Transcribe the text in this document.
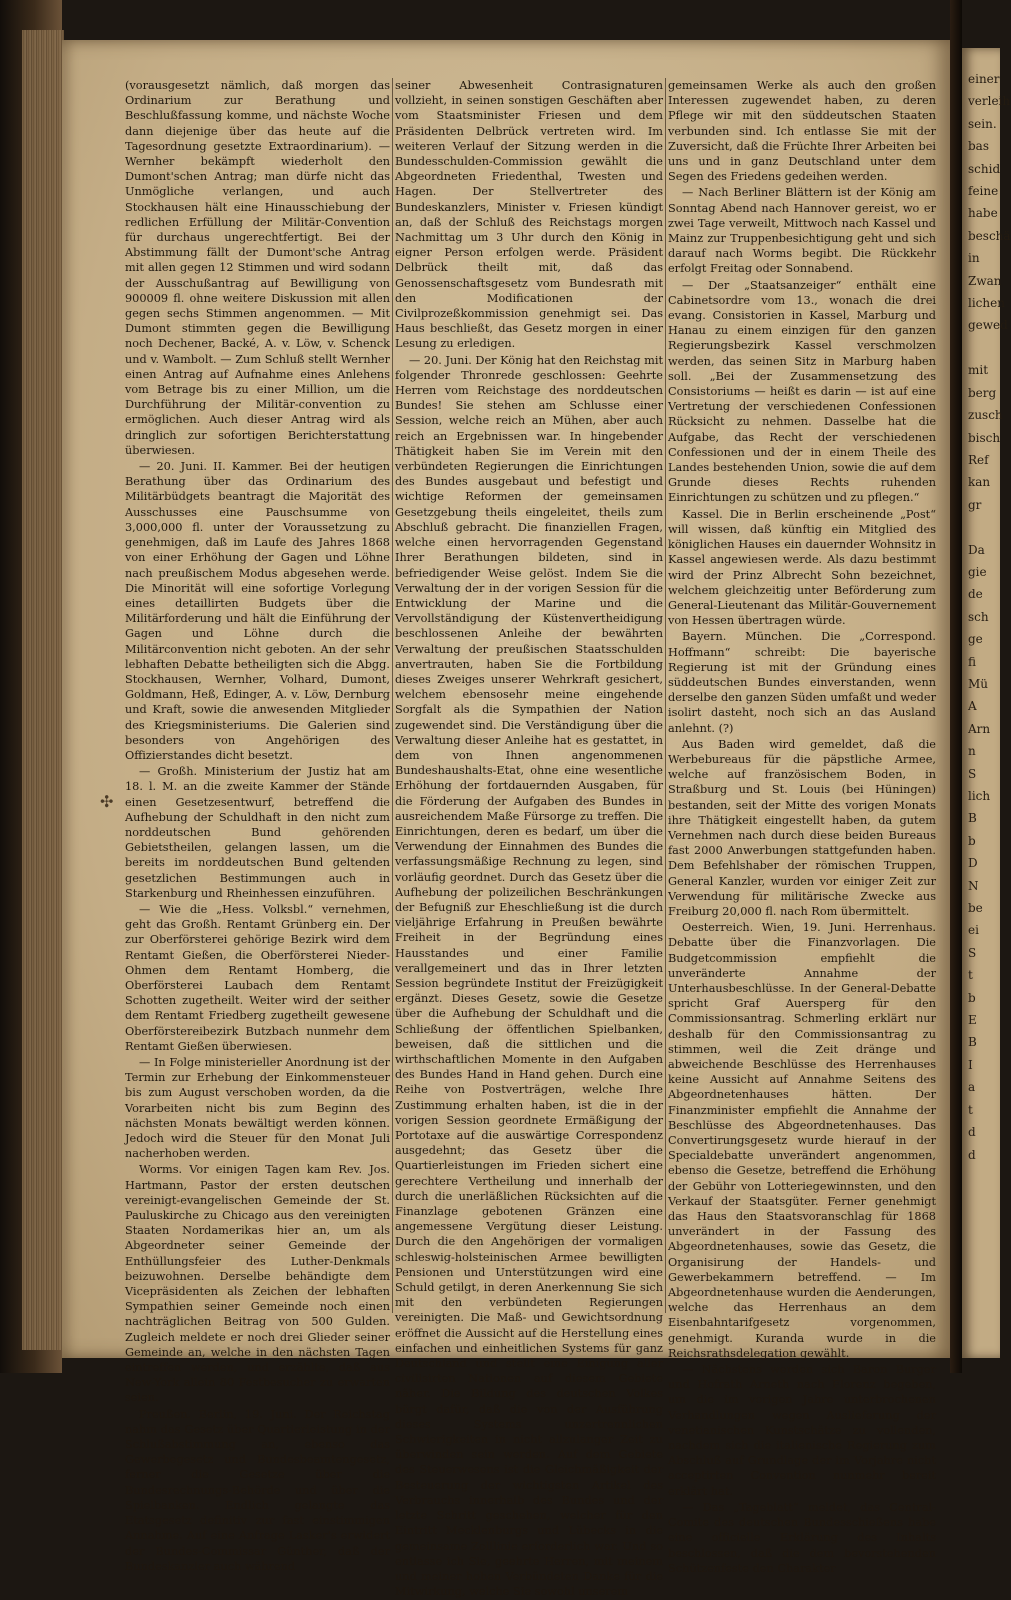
(vorausgesetzt nämlich, daß morgen das Ordinarium zur Berathung und Beschlußfassung komme, und nächste Woche dann diejenige über das heute auf die Tagesordnung gesetzte Extraordinarium). — Wernher bekämpft wiederholt den Dumont'schen Antrag; man dürfe nicht das Unmögliche verlangen, und auch Stockhausen hält eine Hinausschiebung der redlichen Erfüllung der Militär-Convention für durchaus ungerechtfertigt. Bei der Abstimmung fällt der Dumont'sche Antrag mit allen gegen 12 Stimmen und wird sodann der Ausschußantrag auf Bewilligung von 900009 fl. ohne weitere Diskussion mit allen gegen sechs Stimmen angenommen. — Mit Dumont stimmten gegen die Bewilligung noch Dechener, Backé, A. v. Löw, v. Schenck und v. Wambolt. — Zum Schluß stellt Wernher einen Antrag auf Aufnahme eines Anlehens vom Betrage bis zu einer Million, um die Durchführung der Militär-convention zu ermöglichen. Auch dieser Antrag wird als dringlich zur sofortigen Berichterstattung überwiesen.

— 20. Juni. II. Kammer. Bei der heutigen Berathung über das Ordinarium des Militärbüdgets beantragt die Majorität des Ausschusses eine Pauschsumme von 3,000,000 fl. unter der Voraussetzung zu genehmigen, daß im Laufe des Jahres 1868 von einer Erhöhung der Gagen und Löhne nach preußischem Modus abgesehen werde. Die Minorität will eine sofortige Vorlegung eines detaillirten Budgets über die Militärforderung und hält die Einführung der Gagen und Löhne durch die Militärconvention nicht geboten. An der sehr lebhaften Debatte betheiligten sich die Abgg. Stockhausen, Wernher, Volhard, Dumont, Goldmann, Heß, Edinger, A. v. Löw, Dernburg und Kraft, sowie die anwesenden Mitglieder des Kriegsministeriums. Die Galerien sind besonders von Angehörigen des Offizierstandes dicht besetzt.

— Großh. Ministerium der Justiz hat am 18. l. M. an die zweite Kammer der Stände einen Gesetzesentwurf, betreffend die Aufhebung der Schuldhaft in den nicht zum norddeutschen Bund gehörenden Gebietstheilen, gelangen lassen, um die bereits im norddeutschen Bund geltenden gesetzlichen Bestimmungen auch in Starkenburg und Rheinhessen einzuführen.

— Wie die „Hess. Volksbl.“ vernehmen, geht das Großh. Rentamt Grünberg ein. Der zur Oberförsterei gehörige Bezirk wird dem Rentamt Gießen, die Oberförsterei Nieder-Ohmen dem Rentamt Homberg, die Oberförsterei Laubach dem Rentamt Schotten zugetheilt. Weiter wird der seither dem Rentamt Friedberg zugetheilt gewesene Oberförstereibezirk Butzbach nunmehr dem Rentamt Gießen überwiesen.

— In Folge ministerieller Anordnung ist der Termin zur Erhebung der Einkommensteuer bis zum August verschoben worden, da die Vorarbeiten nicht bis zum Beginn des nächsten Monats bewältigt werden können. Jedoch wird die Steuer für den Monat Juli nacherhoben werden.

Worms. Vor einigen Tagen kam Rev. Jos. Hartmann, Pastor der ersten deutschen vereinigt-evangelischen Gemeinde der St. Pauluskirche zu Chicago aus den vereinigten Staaten Nordamerikas hier an, um als Abgeordneter seiner Gemeinde der Enthüllungsfeier des Luther-Denkmals beizuwohnen. Derselbe behändigte dem Vicepräsidenten als Zeichen der lebhaften Sympathien seiner Gemeinde noch einen nachträglichen Beitrag von 500 Gulden. Zugleich meldete er noch drei Glieder seiner Gemeinde an, welche in den nächsten Tagen eintreffen werden, und erzählte, daß aus New-York allein 80 Festbesucher zu erwarten seien.

Preußen. Berlin, 19. Juni. Der Reichstag nahm das Gesetz über Quartierleistung in der Schlußabstimmung an, ebenso das Gewerbegesetz und Bundesbeamtengesetz, ferner die Gesetze über die Bundesrechnungs-Behörde und über die Spielbanken. Endlich gelangte das Etatsgesetz definitiv zur fast einstimmigen Annahme. Auf eine Anfrage Lasker's erwidert der Bundes-Commissar Günther, daß der Bundeskanzler auch während

seiner Abwesenheit Contrasignaturen vollzieht, in seinen sonstigen Geschäften aber vom Staatsminister Friesen und dem Präsidenten Delbrück vertreten wird. Im weiteren Verlauf der Sitzung werden in die Bundesschulden-Commission gewählt die Abgeordneten Friedenthal, Twesten und Hagen. Der Stellvertreter des Bundeskanzlers, Minister v. Friesen kündigt an, daß der Schluß des Reichstags morgen Nachmittag um 3 Uhr durch den König in eigner Person erfolgen werde. Präsident Delbrück theilt mit, daß das Genossenschaftsgesetz vom Bundesrath mit den Modificationen der Civilprozeßkommission genehmigt sei. Das Haus beschließt, das Gesetz morgen in einer Lesung zu erledigen.

— 20. Juni. Der König hat den Reichstag mit folgender Thronrede geschlossen: Geehrte Herren vom Reichstage des norddeutschen Bundes! Sie stehen am Schlusse einer Session, welche reich an Mühen, aber auch reich an Ergebnissen war. In hingebender Thätigkeit haben Sie im Verein mit den verbündeten Regierungen die Einrichtungen des Bundes ausgebaut und befestigt und wichtige Reformen der gemeinsamen Gesetzgebung theils eingeleitet, theils zum Abschluß gebracht. Die finanziellen Fragen, welche einen hervorragenden Gegenstand Ihrer Berathungen bildeten, sind in befriedigender Weise gelöst. Indem Sie die Verwaltung der in der vorigen Session für die Entwicklung der Marine und die Vervollständigung der Küstenvertheidigung beschlossenen Anleihe der bewährten Verwaltung der preußischen Staatsschulden anvertrauten, haben Sie die Fortbildung dieses Zweiges unserer Wehrkraft gesichert, welchem ebensosehr meine eingehende Sorgfalt als die Sympathien der Nation zugewendet sind. Die Verständigung über die Verwaltung dieser Anleihe hat es gestattet, in dem von Ihnen angenommenen Bundeshaushalts-Etat, ohne eine wesentliche Erhöhung der fortdauernden Ausgaben, für die Förderung der Aufgaben des Bundes in ausreichendem Maße Fürsorge zu treffen. Die Einrichtungen, deren es bedarf, um über die Verwendung der Einnahmen des Bundes die verfassungsmäßige Rechnung zu legen, sind vorläufig geordnet. Durch das Gesetz über die Aufhebung der polizeilichen Beschränkungen der Befugniß zur Eheschließung ist die durch vieljährige Erfahrung in Preußen bewährte Freiheit in der Begründung eines Hausstandes und einer Familie verallgemeinert und das in Ihrer letzten Session begründete Institut der Freizügigkeit ergänzt. Dieses Gesetz, sowie die Gesetze über die Aufhebung der Schuldhaft und die Schließung der öffentlichen Spielbanken, beweisen, daß die sittlichen und die wirthschaftlichen Momente in den Aufgaben des Bundes Hand in Hand gehen. Durch eine Reihe von Postverträgen, welche Ihre Zustimmung erhalten haben, ist die in der vorigen Session geordnete Ermäßigung der Portotaxe auf die auswärtige Correspondenz ausgedehnt; das Gesetz über die Quartierleistungen im Frieden sichert eine gerechtere Vertheilung und innerhalb der durch die unerläßlichen Rücksichten auf die Finanzlage gebotenen Gränzen eine angemessene Vergütung dieser Leistung. Durch die den Angehörigen der vormaligen schleswig-holsteinischen Armee bewilligten Pensionen und Unterstützungen wird eine Schuld getilgt, in deren Anerkennung Sie sich mit den verbündeten Regierungen vereinigten. Die Maß- und Gewichtsordnung eröffnet die Aussicht auf die Herstellung eines einfachen und einheitlichen Systems für ganz Deutschland und stellt eine Einigung aller civilisirten Nationen auf diesem Gebiete näher. Die Bildung des deutschen Volkes bürgt dafür, daß die von der Ausführung dieses Systems unzertrennlichen Schwierigkeiten in nicht allzulanger Zeit zu überwinden sein werden. Auf dem Gebiete des Steuerwesens ist die Gleichmäßigkeit der Besteuerung der wichtigsten Artikel des Verbrauchs innerhalb des Bundes und der letzte Schritt geschehen, welcher für den Eintritt Mecklenburgs und Lübecks in die gemeinsame Zolllinie erforderlich war. Und so entlasse ich Sie, geehrte Herren, mit meinem und meiner hohen Verbündeten Danke für die Mitwirkung, welche Sie sowohl unserem

gemeinsamen Werke als auch den großen Interessen zugewendet haben, zu deren Pflege wir mit den süddeutschen Staaten verbunden sind. Ich entlasse Sie mit der Zuversicht, daß die Früchte Ihrer Arbeiten bei uns und in ganz Deutschland unter dem Segen des Friedens gedeihen werden.

— Nach Berliner Blättern ist der König am Sonntag Abend nach Hannover gereist, wo er zwei Tage verweilt, Mittwoch nach Kassel und Mainz zur Truppenbesichtigung geht und sich darauf nach Worms begibt. Die Rückkehr erfolgt Freitag oder Sonnabend.

— Der „Staatsanzeiger“ enthält eine Cabinetsordre vom 13., wonach die drei evang. Consistorien in Kassel, Marburg und Hanau zu einem einzigen für den ganzen Regierungsbezirk Kassel verschmolzen werden, das seinen Sitz in Marburg haben soll. „Bei der Zusammensetzung des Consistoriums — heißt es darin — ist auf eine Vertretung der verschiedenen Confessionen Rücksicht zu nehmen. Dasselbe hat die Aufgabe, das Recht der verschiedenen Confessionen und der in einem Theile des Landes bestehenden Union, sowie die auf dem Grunde dieses Rechts ruhenden Einrichtungen zu schützen und zu pflegen.“

Kassel. Die in Berlin erscheinende „Post“ will wissen, daß künftig ein Mitglied des königlichen Hauses ein dauernder Wohnsitz in Kassel angewiesen werde. Als dazu bestimmt wird der Prinz Albrecht Sohn bezeichnet, welchem gleichzeitig unter Beförderung zum General-Lieutenant das Militär-Gouvernement von Hessen übertragen würde.

Bayern. München. Die „Correspond. Hoffmann“ schreibt: Die bayerische Regierung ist mit der Gründung eines süddeutschen Bundes einverstanden, wenn derselbe den ganzen Süden umfaßt und weder isolirt dasteht, noch sich an das Ausland anlehnt. (?)

Aus Baden wird gemeldet, daß die Werbebureaus für die päpstliche Armee, welche auf französischem Boden, in Straßburg und St. Louis (bei Hüningen) bestanden, seit der Mitte des vorigen Monats ihre Thätigkeit eingestellt haben, da gutem Vernehmen nach durch diese beiden Bureaus fast 2000 Anwerbungen stattgefunden haben. Dem Befehlshaber der römischen Truppen, General Kanzler, wurden vor einiger Zeit zur Verwendung für militärische Zwecke aus Freiburg 20,000 fl. nach Rom übermittelt.

Oesterreich. Wien, 19. Juni. Herrenhaus. Debatte über die Finanzvorlagen. Die Budgetcommission empfiehlt die unveränderte Annahme der Unterhausbeschlüsse. In der General-Debatte spricht Graf Auersperg für den Commissionsantrag. Schmerling erklärt nur deshalb für den Commissionsantrag zu stimmen, weil die Zeit dränge und abweichende Beschlüsse des Herrenhauses keine Aussicht auf Annahme Seitens des Abgeordnetenhauses hätten. Der Finanzminister empfiehlt die Annahme der Beschlüsse des Abgeordnetenhauses. Das Convertirungsgesetz wurde hierauf in der Specialdebatte unverändert angenommen, ebenso die Gesetze, betreffend die Erhöhung der Gebühr von Lotteriegewinnsten, und den Verkauf der Staatsgüter. Ferner genehmigt das Haus den Staatsvoranschlag für 1868 unverändert in der Fassung des Abgeordnetenhauses, sowie das Gesetz, die Organisirung der Handels- und Gewerbekammern betreffend. — Im Abgeordnetenhause wurden die Aenderungen, welche das Herrenhaus an dem Eisenbahntarifgesetz vorgenommen, genehmigt. Kuranda wurde in die Reichsrathsdelegation gewählt.

— Nächstens werden sich Baron Burger und Hofrath Arneth nach Florenz begeben, um die im vorigen Jahre unterbrochenen Verhandlungen wegen Auslieferung der venetianischen Kunstschätze zu vollenden, nachdem sich die italienische Regierung zum Abschluß auf Grundlage der im Vorjahre nicht acceptirten Convention nunmehr bereit erklärt hat.

— Das „Tageblatt“ meldet, das Central-Comite des deutschen Bundesschießens habe eine officielle Erklärung des Inhalts beschlossen, daß die dem bevorstehenden Schützenfeste den Charakter

✣
einer
verleih
sein.
bas
schid
feine
habe
beschä
in
Zwan
lichen
gewed

mit
berg
zusch
bisch
Ref
kan
gr

Da
gie
de
sch
ge
fi
Mü
A
Arn
n
S
lich
B
b
D
N
be
ei
S
t
b
E
B
I
a
t
d
d
